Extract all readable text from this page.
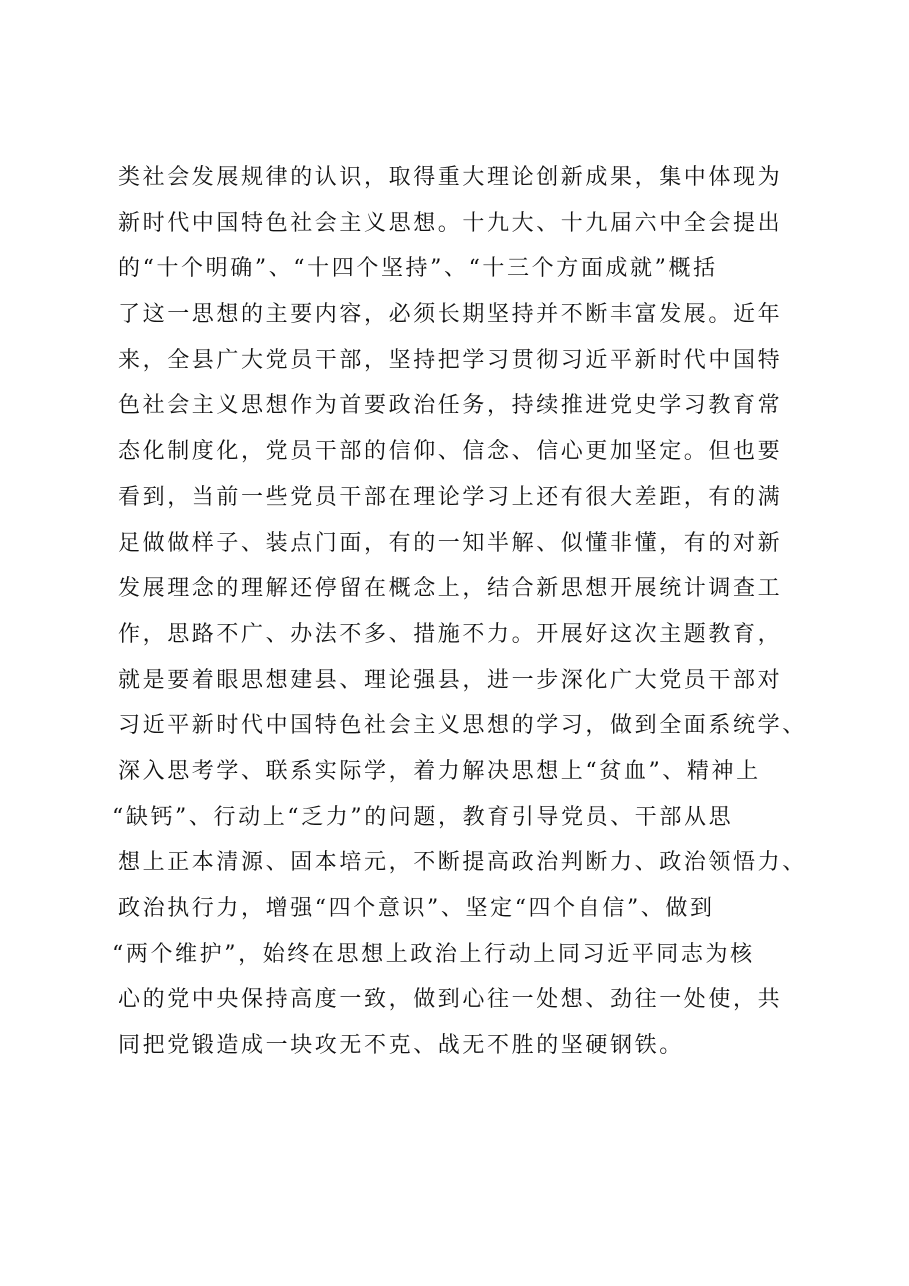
类社会发展规律的认识，取得重大理论创新成果，集中体现为
新时代中国特色社会主义思想。十九大、十九届六中全会提出
的“十个明确”、“十四个坚持”、“十三个方面成就”概括
了这一思想的主要内容，必须长期坚持并不断丰富发展。近年
来，全县广大党员干部，坚持把学习贯彻习近平新时代中国特
色社会主义思想作为首要政治任务，持续推进党史学习教育常
态化制度化，党员干部的信仰、信念、信心更加坚定。但也要
看到，当前一些党员干部在理论学习上还有很大差距，有的满
足做做样子、装点门面，有的一知半解、似懂非懂，有的对新
发展理念的理解还停留在概念上，结合新思想开展统计调查工
作，思路不广、办法不多、措施不力。开展好这次主题教育，
就是要着眼思想建县、理论强县，进一步深化广大党员干部对
习近平新时代中国特色社会主义思想的学习，做到全面系统学、
深入思考学、联系实际学，着力解决思想上“贫血”、精神上
“缺钙”、行动上“乏力”的问题，教育引导党员、干部从思
想上正本清源、固本培元，不断提高政治判断力、政治领悟力、
政治执行力，增强“四个意识”、坚定“四个自信”、做到
“两个维护”，始终在思想上政治上行动上同习近平同志为核
心的党中央保持高度一致，做到心往一处想、劲往一处使，共
同把党锻造成一块攻无不克、战无不胜的坚硬钢铁。
